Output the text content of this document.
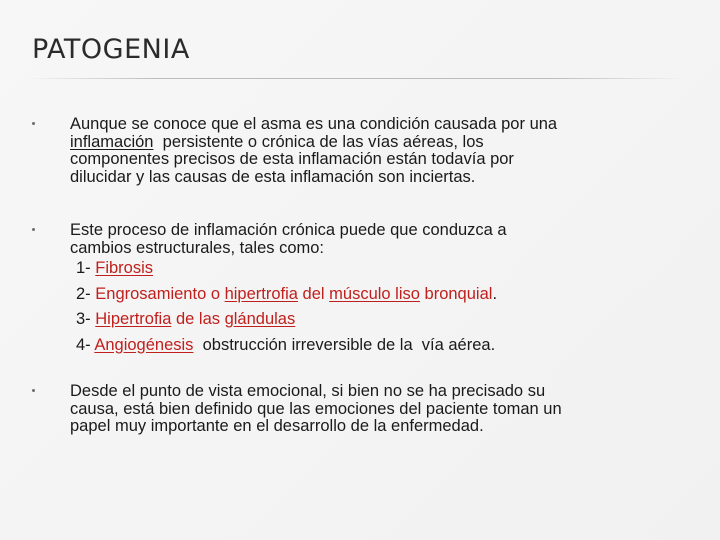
PATOGENIA
Aunque se conoce que el asma es una condición causada por una
inflamación  persistente o crónica de las vías aéreas, los
componentes precisos de esta inflamación están todavía por
dilucidar y las causas de esta inflamación son inciertas.
Este proceso de inflamación crónica puede que conduzca a
cambios estructurales, tales como:
1- Fibrosis
2- Engrosamiento o hipertrofia del músculo liso bronquial.
3- Hipertrofia de las glándulas
4- Angiogénesis  obstrucción irreversible de la  vía aérea.
Desde el punto de vista emocional, si bien no se ha precisado su
causa, está bien definido que las emociones del paciente toman un
papel muy importante en el desarrollo de la enfermedad.
